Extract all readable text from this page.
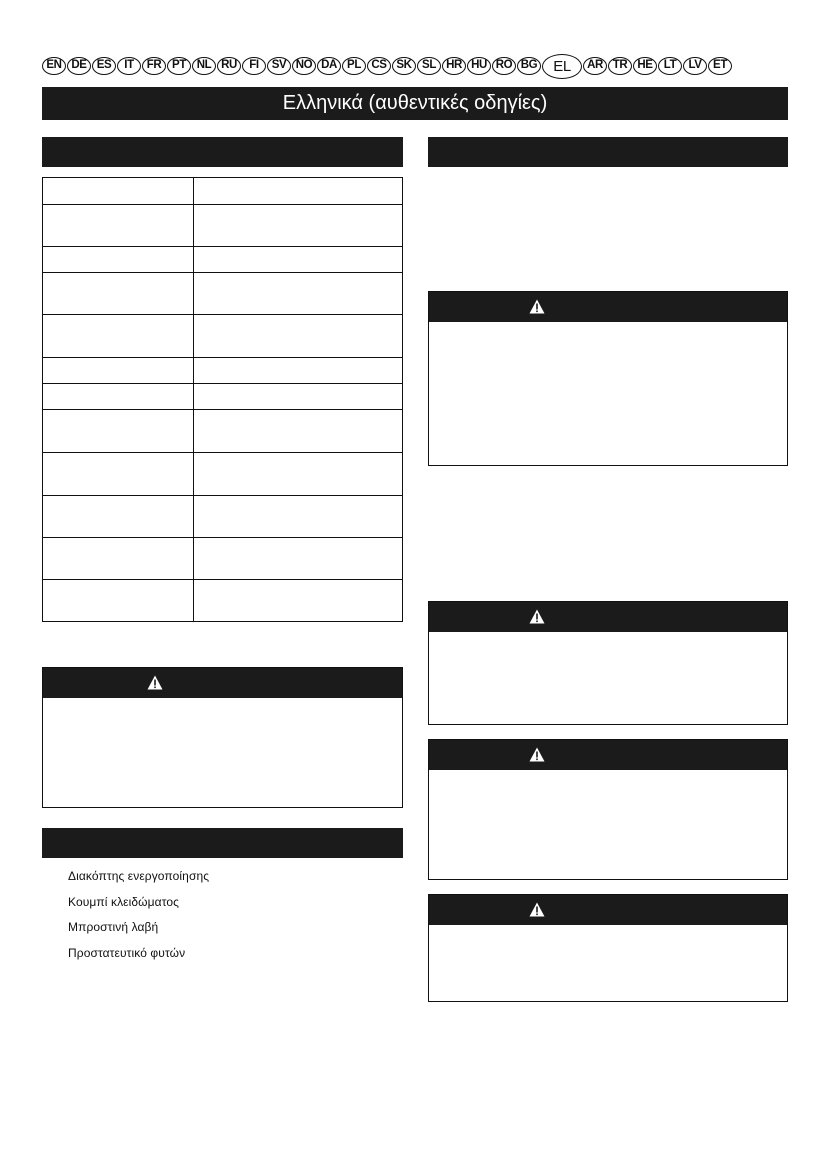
EN DE ES	IT	FR PT NL RU	FI	SV NO DA PL CS SK SL HR HU RO BG	EL	AR TR HE LT	LV	ET
Ελληνικά (αυθεντικές οδηγίες)

Διακόπτης ενεργοποίησης
Κουμπί κλειδώματος
Μπροστινή λαβή
Προστατευτικό φυτών
